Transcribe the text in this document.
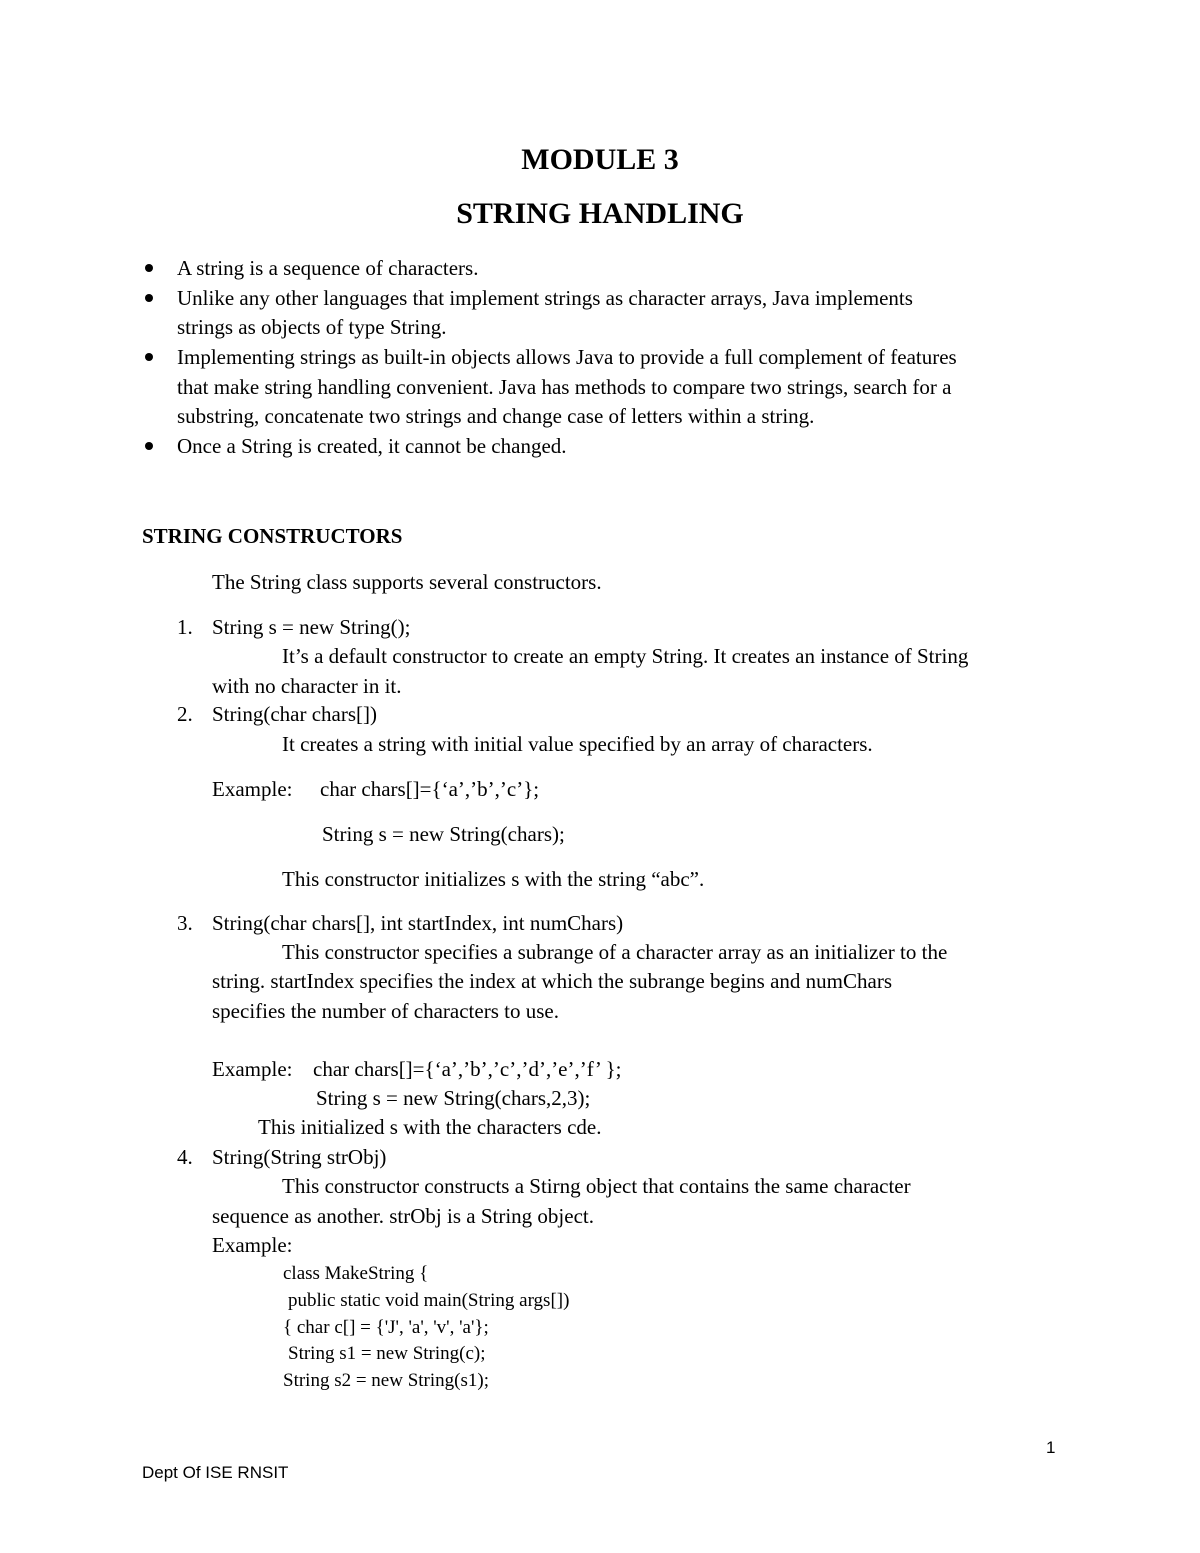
MODULE 3
STRING HANDLING
A string is a sequence of characters.
Unlike any other languages that implement strings as character arrays, Java implements
strings as objects of type String.
Implementing strings as built-in objects allows Java to provide a full complement of features
that make string handling convenient. Java has methods to compare two strings, search for a
substring, concatenate two strings and change case of letters within a string.
Once a String is created, it cannot be changed.
STRING CONSTRUCTORS
The String class supports several constructors.
1. String s = new String();
It’s a default constructor to create an empty String. It creates an instance of String
with no character in it.
2. String(char chars[])
It creates a string with initial value specified by an array of characters.
Example: char chars[]={‘a’,’b’,’c’};
String s = new String(chars);
This constructor initializes s with the string “abc”.
3. String(char chars[], int startIndex, int numChars)
This constructor specifies a subrange of a character array as an initializer to the
string. startIndex specifies the index at which the subrange begins and numChars
specifies the number of characters to use.
Example: char chars[]={‘a’,’b’,’c’,’d’,’e’,’f’ };
String s = new String(chars,2,3);
This initialized s with the characters cde.
4. String(String strObj)
This constructor constructs a Stirng object that contains the same character
sequence as another. strObj is a String object.
Example:
class MakeString {
public static void main(String args[])
{ char c[] = {'J', 'a', 'v', 'a'};
String s1 = new String(c);
String s2 = new String(s1);
1
Dept Of ISE RNSIT
